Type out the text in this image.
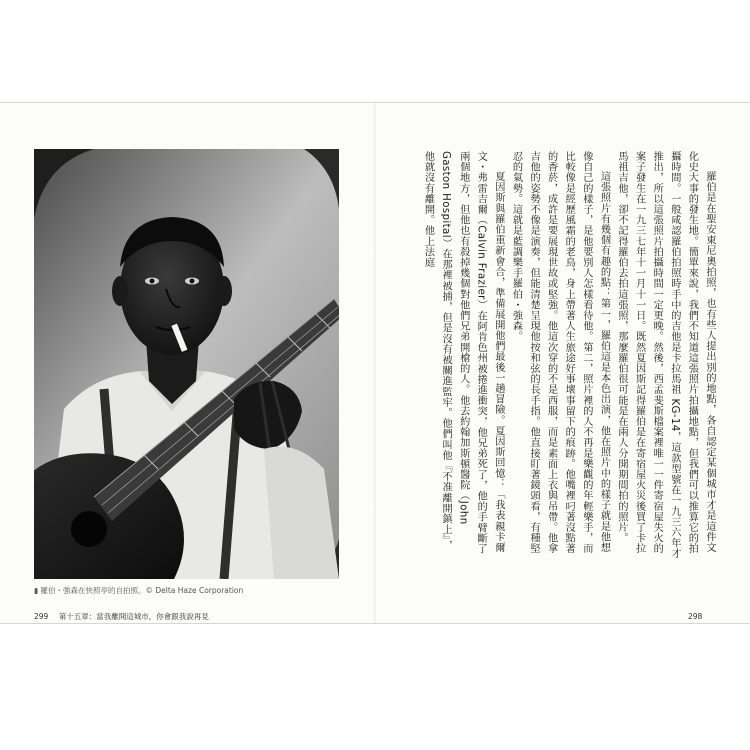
▮ 羅伯・強森在快照亭的自拍照。© Delta Haze Corporation
299 第十五章：當我離開這城市，你會跟我說再見	298

羅伯是在聖安東尼奧拍照，也有些人提出別的地點，各自認定某個城市才是這件文化史大事的發生地。簡單來說，我們不知道這張照片拍攝地點，但我們可以推算它的拍攝時間。一般咸認羅伯拍照時手中的吉他是卡拉馬祖 KG-14，這款型號在一九三六年才推出，所以這張照片拍攝時間一定更晚。然後，西孟斐斯檔案裡唯一一件寄宿屋失火的案子發生在一九三七年十一月十一日。既然夏因斯記得羅伯是在寄宿屋火災後買了卡拉馬祖吉他，卻不記得羅伯去拍這張照，那麼羅伯很可能是在兩人分開期間拍的照片。

這張照片有幾個有趣的點：第一，羅伯這是本色出演，他在照片中的樣子就是他想像自己的樣子，是他要別人怎樣看待他。第二，照片裡的人不再是樂觀的年輕樂手，而比較像是經歷風霜的老鳥，身上帶著人生旅途好事壞事留下的痕跡。他嘴裡叼著沒點著的香菸，成許是要展現世故或堅強。他這次穿的不是西服，而是素面上衣與吊帶。他拿吉他的姿勢不像是演奏，但能清楚呈現他按和弦的長手指。他直接盯著鏡頭看，有種堅忍的氣勢。這就是藍調樂手羅伯・強森。

夏因斯與羅伯重新會合，準備展開他們最後一趟冒險。夏因斯回憶：「我表親卡爾文・弗雷吉爾（Calvin Frazier）在阿肯色州被捲進衝突，他兄弟死了，他的手臂斷了兩個地方，但他也有殺掉幾個對他們兄弟開槍的人。他去約翰加斯頓醫院（John Gaston Hospital）在那裡被捕，但是沒有被關進監牢。他們叫他『不准離開鎮上』，他就沒有離開。他上法庭
